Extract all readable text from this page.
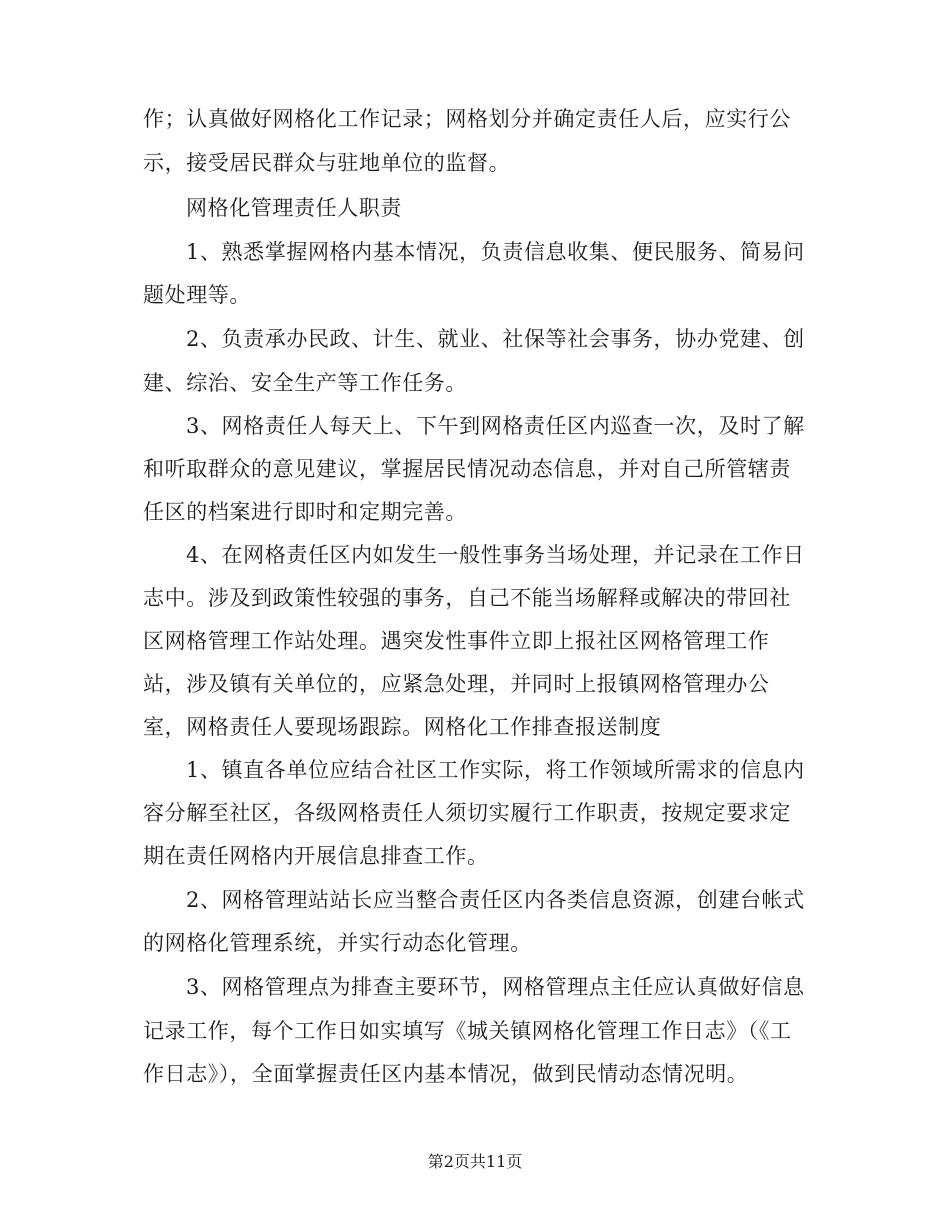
作；认真做好网格化工作记录；网格划分并确定责任人后，应实行公
示，接受居民群众与驻地单位的监督。
网格化管理责任人职责
1、熟悉掌握网格内基本情况，负责信息收集、便民服务、简易问
题处理等。
2、负责承办民政、计生、就业、社保等社会事务，协办党建、创
建、综治、安全生产等工作任务。
3、网格责任人每天上、下午到网格责任区内巡查一次，及时了解
和听取群众的意见建议，掌握居民情况动态信息，并对自己所管辖责
任区的档案进行即时和定期完善。
4、在网格责任区内如发生一般性事务当场处理，并记录在工作日
志中。涉及到政策性较强的事务，自己不能当场解释或解决的带回社
区网格管理工作站处理。遇突发性事件立即上报社区网格管理工作
站，涉及镇有关单位的，应紧急处理，并同时上报镇网格管理办公
室，网格责任人要现场跟踪。网格化工作排查报送制度
1、镇直各单位应结合社区工作实际，将工作领域所需求的信息内
容分解至社区，各级网格责任人须切实履行工作职责，按规定要求定
期在责任网格内开展信息排查工作。
2、网格管理站站长应当整合责任区内各类信息资源，创建台帐式
的网格化管理系统，并实行动态化管理。
3、网格管理点为排查主要环节，网格管理点主任应认真做好信息
记录工作，每个工作日如实填写《城关镇网格化管理工作日志》（《工
作日志》），全面掌握责任区内基本情况，做到民情动态情况明。
第2页共11页
